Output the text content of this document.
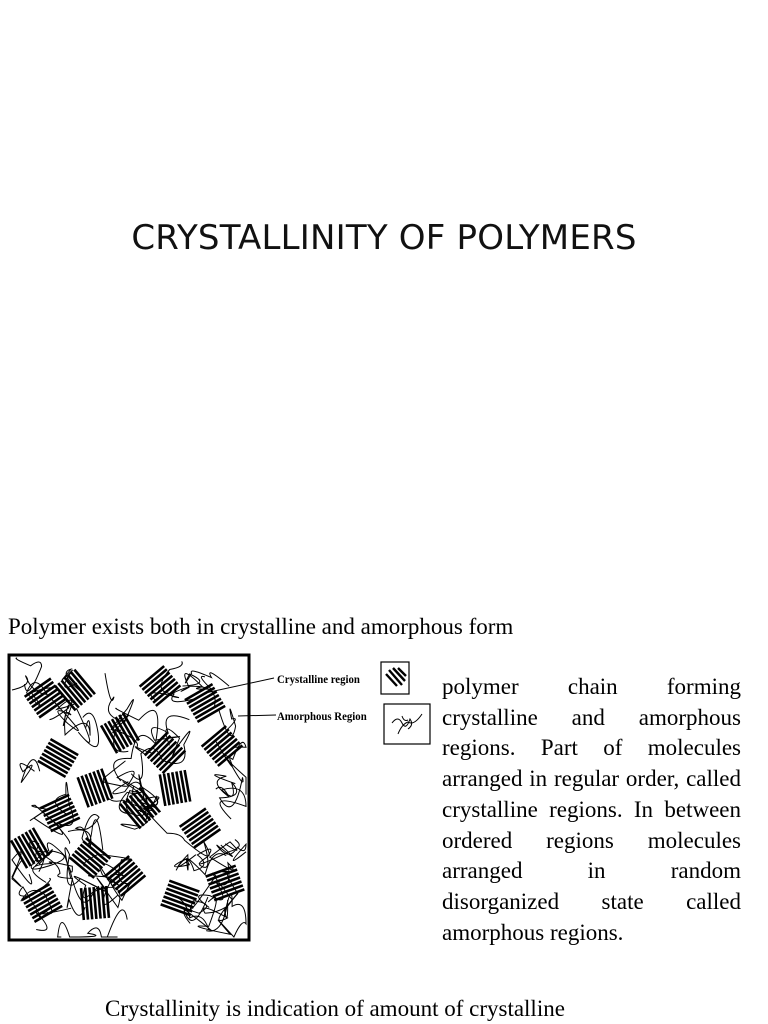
CRYSTALLINITY OF POLYMERS
Polymer exists both in crystalline and amorphous form
Crystalline region
Amorphous Region
polymer chain forming crystalline and amorphous regions. Part of molecules arranged in regular order, called crystalline regions. In between ordered regions molecules arranged in random disorganized state called amorphous regions.
Crystallinity is indication of amount of crystalline
